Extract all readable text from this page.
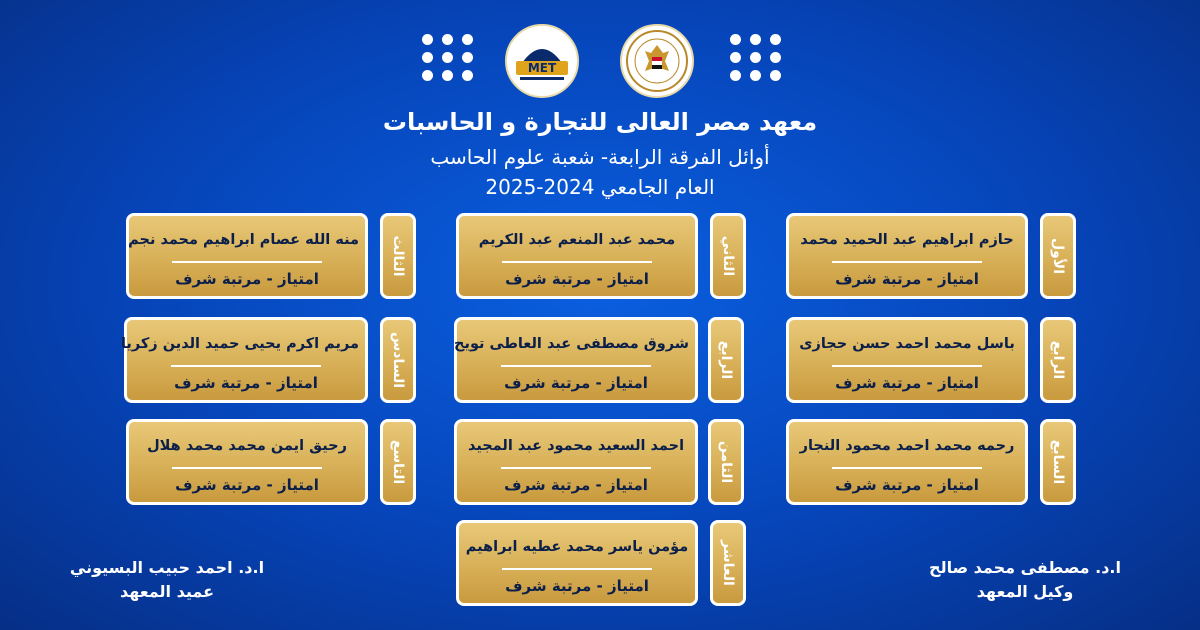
MET
معهد مصر العالى للتجارة و الحاسبات
أوائل الفرقة الرابعة- شعبة علوم الحاسب
العام الجامعي 2024-2025
الأول
حازم ابراهيم عبد الحميد محمد
امتياز - مرتبة شرف
الرابع
باسل محمد احمد حسن حجازى
امتياز - مرتبة شرف
السابع
رحمه محمد احمد محمود النجار
امتياز - مرتبة شرف
الثاني
محمد عبد المنعم عبد الكريم
امتياز - مرتبة شرف
الرابع
شروق مصطفى عبد العاطى تويح
امتياز - مرتبة شرف
الثامن
احمد السعيد محمود عبد المجيد
امتياز - مرتبة شرف
العاشر
مؤمن ياسر محمد عطيه ابراهيم
امتياز - مرتبة شرف
الثالث
منه الله عصام ابراهيم محمد نجم
امتياز - مرتبة شرف
السادس
مريم اكرم يحيى حميد الدين زكريا
امتياز - مرتبة شرف
التاسع
رحيق ايمن محمد محمد هلال
امتياز - مرتبة شرف
ا.د. مصطفى محمد صالح
وكيل المعهد
ا.د. احمد حبيب البسيوني
عميد المعهد
